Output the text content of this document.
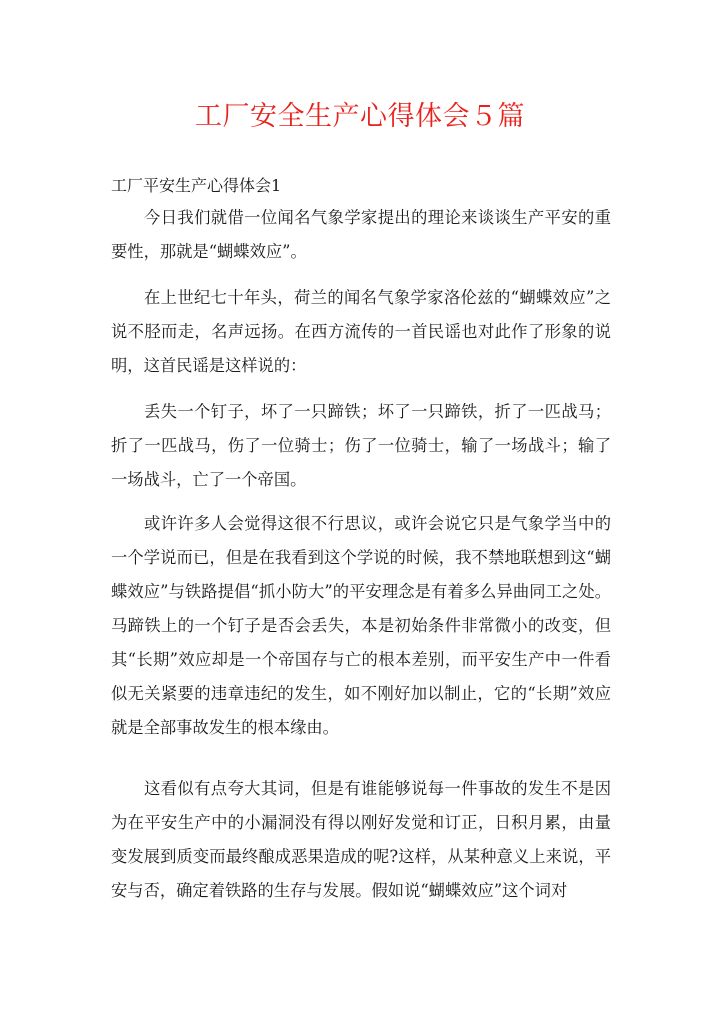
工厂安全生产心得体会５篇
工厂平安生产心得体会1

今日我们就借一位闻名气象学家提出的理论来谈谈生产平安的重要性，那就是“蝴蝶效应”。

在上世纪七十年头，荷兰的闻名气象学家洛伦兹的“蝴蝶效应”之说不胫而走，名声远扬。在西方流传的一首民谣也对此作了形象的说明，这首民谣是这样说的：

丢失一个钉子，坏了一只蹄铁；坏了一只蹄铁，折了一匹战马；折了一匹战马，伤了一位骑士；伤了一位骑士，输了一场战斗；输了一场战斗，亡了一个帝国。

或许许多人会觉得这很不行思议，或许会说它只是气象学当中的一个学说而已，但是在我看到这个学说的时候，我不禁地联想到这“蝴蝶效应”与铁路提倡“抓小防大”的平安理念是有着多么异曲同工之处。马蹄铁上的一个钉子是否会丢失，本是初始条件非常微小的改变，但其“长期”效应却是一个帝国存与亡的根本差别，而平安生产中一件看似无关紧要的违章违纪的发生，如不刚好加以制止，它的“长期”效应就是全部事故发生的根本缘由。

这看似有点夸大其词，但是有谁能够说每一件事故的发生不是因为在平安生产中的小漏洞没有得以刚好发觉和订正，日积月累，由量变发展到质变而最终酿成恶果造成的呢?这样，从某种意义上来说，平安与否，确定着铁路的生存与发展。假如说“蝴蝶效应”这个词对
